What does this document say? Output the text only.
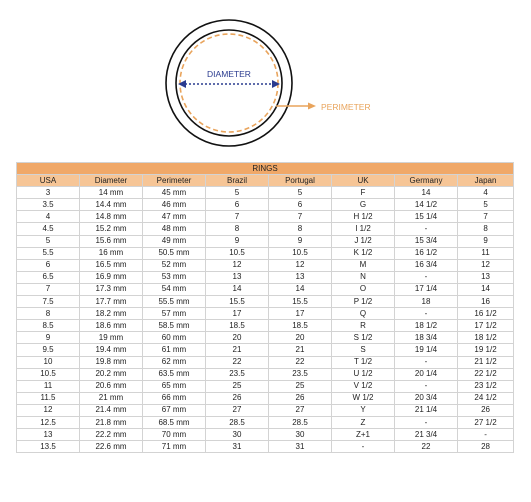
DIAMETER
PERIMETER
RINGS							
USA	Diameter	Perimeter	Brazil	Portugal	UK	Germany	Japan
3	14 mm	45 mm	5	5	F	14	4
3.5	14.4 mm	46 mm	6	6	G	14 1/2	5
4	14.8 mm	47 mm	7	7	H 1/2	15 1/4	7
4.5	15.2 mm	48 mm	8	8	I 1/2	-	8
5	15.6 mm	49 mm	9	9	J 1/2	15 3/4	9
5.5	16 mm	50.5 mm	10.5	10.5	K 1/2	16 1/2	11
6	16.5 mm	52 mm	12	12	M	16 3/4	12
6.5	16.9 mm	53 mm	13	13	N	-	13
7	17.3 mm	54 mm	14	14	O	17 1/4	14
7.5	17.7 mm	55.5 mm	15.5	15.5	P 1/2	18	16
8	18.2 mm	57 mm	17	17	Q	-	16 1/2
8.5	18.6 mm	58.5 mm	18.5	18.5	R	18 1/2	17 1/2
9	19 mm	60 mm	20	20	S 1/2	18 3/4	18 1/2
9.5	19.4 mm	61 mm	21	21	S	19 1/4	19 1/2
10	19.8 mm	62 mm	22	22	T 1/2	-	21 1/2
10.5	20.2 mm	63.5 mm	23.5	23.5	U 1/2	20 1/4	22 1/2
11	20.6 mm	65 mm	25	25	V 1/2	-	23 1/2
11.5	21 mm	66 mm	26	26	W 1/2	20 3/4	24 1/2
12	21.4 mm	67 mm	27	27	Y	21 1/4	26
12.5	21.8 mm	68.5 mm	28.5	28.5	Z	-	27 1/2
13	22.2 mm	70 mm	30	30	Z+1	21 3/4	-
13.5	22.6 mm	71 mm	31	31	-	22	28
